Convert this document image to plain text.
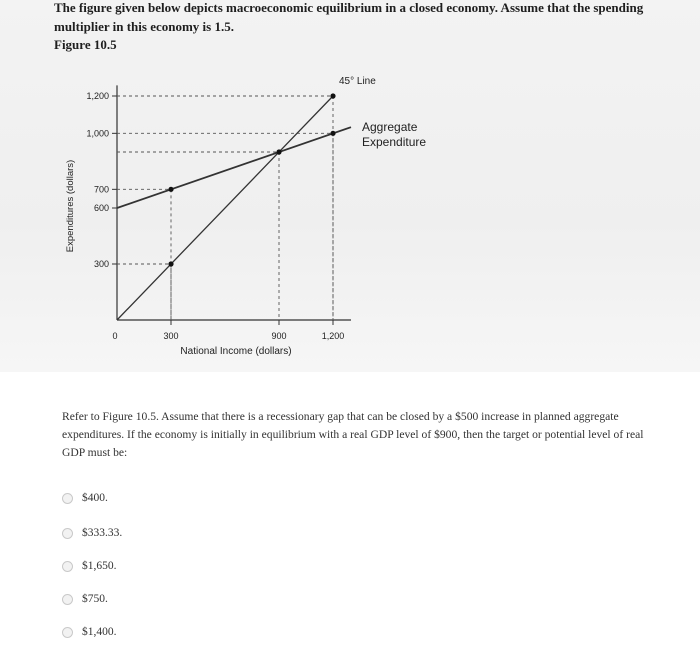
The figure given below depicts macroeconomic equilibrium in a closed economy. Assume that the spending multiplier in this economy is 1.5.
Figure 10.5
0	300	900	1,200
300
600
700
1,000
1,200
45° Line
Aggregate
Expenditure
National Income (dollars)
Expenditures (dollars)
Refer to Figure 10.5. Assume that there is a recessionary gap that can be closed by a $500 increase in planned aggregate expenditures. If the economy is initially in equilibrium with a real GDP level of $900, then the target or potential level of real GDP must be:
$400.
$333.33.
$1,650.
$750.
$1,400.
